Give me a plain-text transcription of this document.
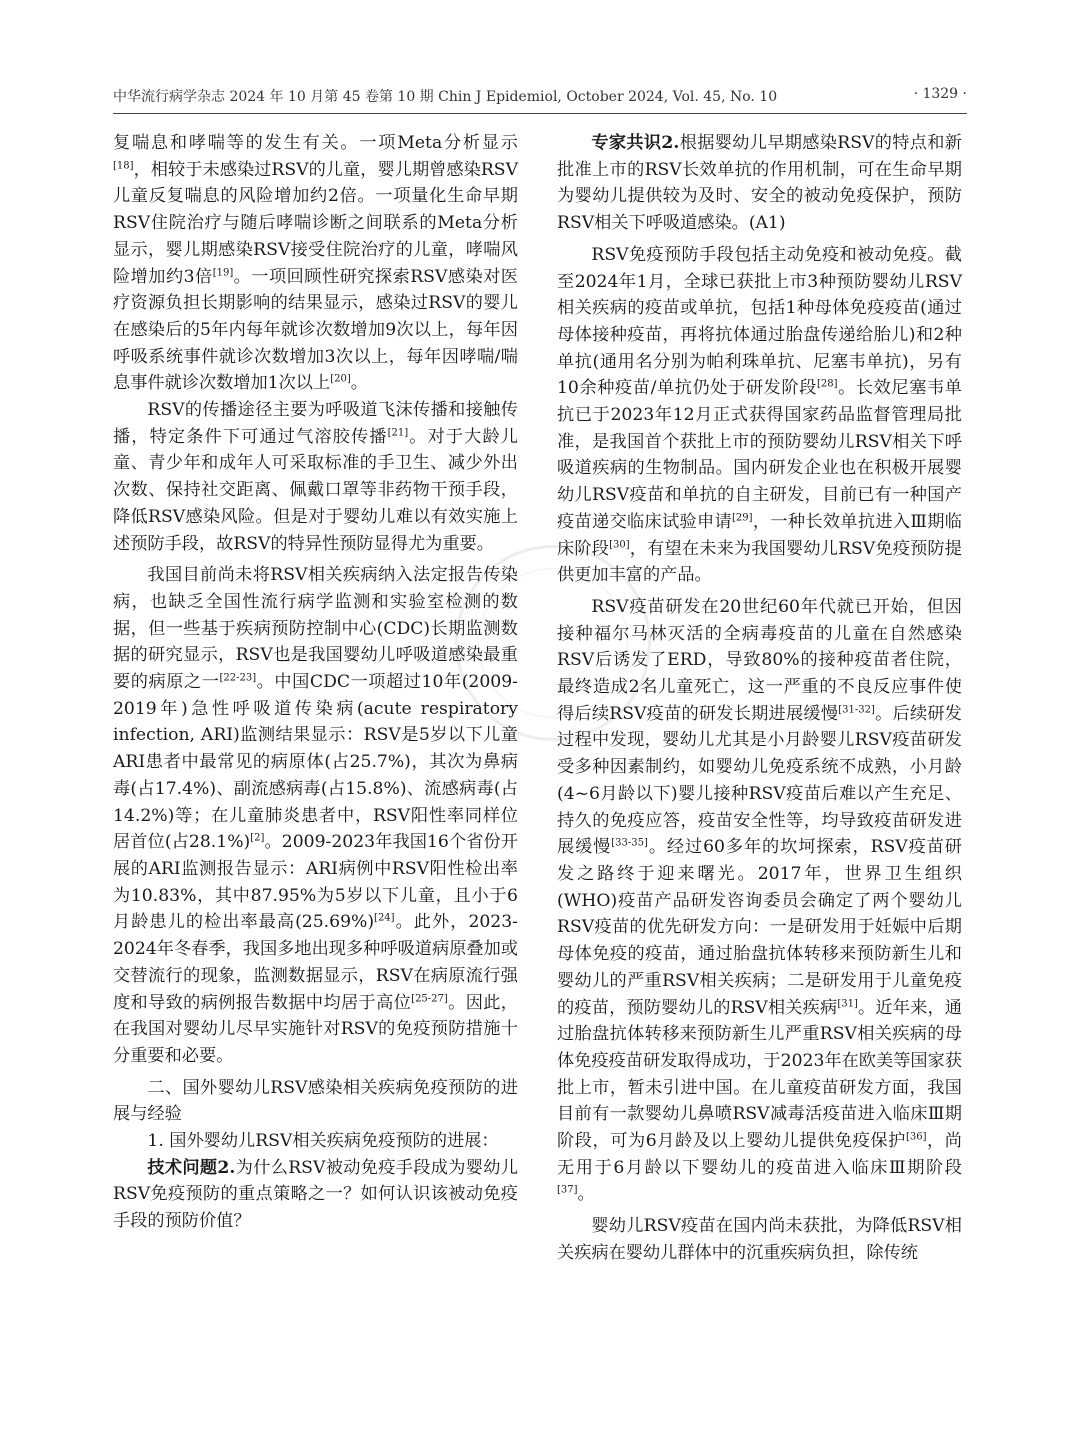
中华流行病学杂志 2024 年 10 月第 45 卷第 10 期 Chin J Epidemiol, October 2024, Vol. 45, No. 10	· 1329 ·

复喘息和哮喘等的发生有关。一项Meta分析显示[18]，相较于未感染过RSV的儿童，婴儿期曾感染RSV儿童反复喘息的风险增加约2倍。一项量化生命早期RSV住院治疗与随后哮喘诊断之间联系的Meta分析显示，婴儿期感染RSV接受住院治疗的儿童，哮喘风险增加约3倍[19]。一项回顾性研究探索RSV感染对医疗资源负担长期影响的结果显示，感染过RSV的婴儿在感染后的5年内每年就诊次数增加9次以上，每年因呼吸系统事件就诊次数增加3次以上，每年因哮喘/喘息事件就诊次数增加1次以上[20]。

RSV的传播途径主要为呼吸道飞沫传播和接触传播，特定条件下可通过气溶胶传播[21]。对于大龄儿童、青少年和成年人可采取标准的手卫生、减少外出次数、保持社交距离、佩戴口罩等非药物干预手段，降低RSV感染风险。但是对于婴幼儿难以有效实施上述预防手段，故RSV的特异性预防显得尤为重要。

我国目前尚未将RSV相关疾病纳入法定报告传染病，也缺乏全国性流行病学监测和实验室检测的数据，但一些基于疾病预防控制中心(CDC)长期监测数据的研究显示，RSV也是我国婴幼儿呼吸道感染最重要的病原之一[22-23]。中国CDC一项超过10年(2009-2019年)急性呼吸道传染病(acute respiratory infection, ARI)监测结果显示：RSV是5岁以下儿童ARI患者中最常见的病原体(占25.7%)，其次为鼻病毒(占17.4%)、副流感病毒(占15.8%)、流感病毒(占14.2%)等；在儿童肺炎患者中，RSV阳性率同样位居首位(占28.1%)[2]。2009-2023年我国16个省份开展的ARI监测报告显示：ARI病例中RSV阳性检出率为10.83%，其中87.95%为5岁以下儿童，且小于6月龄患儿的检出率最高(25.69%)[24]。此外，2023-2024年冬春季，我国多地出现多种呼吸道病原叠加或交替流行的现象，监测数据显示，RSV在病原流行强度和导致的病例报告数据中均居于高位[25-27]。因此，在我国对婴幼儿尽早实施针对RSV的免疫预防措施十分重要和必要。

二、国外婴幼儿RSV感染相关疾病免疫预防的进展与经验

1. 国外婴幼儿RSV相关疾病免疫预防的进展：

技术问题2.为什么RSV被动免疫手段成为婴幼儿RSV免疫预防的重点策略之一？如何认识该被动免疫手段的预防价值？

专家共识2.根据婴幼儿早期感染RSV的特点和新批准上市的RSV长效单抗的作用机制，可在生命早期为婴幼儿提供较为及时、安全的被动免疫保护，预防RSV相关下呼吸道感染。(A1)

RSV免疫预防手段包括主动免疫和被动免疫。截至2024年1月，全球已获批上市3种预防婴幼儿RSV相关疾病的疫苗或单抗，包括1种母体免疫疫苗(通过母体接种疫苗，再将抗体通过胎盘传递给胎儿)和2种单抗(通用名分别为帕利珠单抗、尼塞韦单抗)，另有10余种疫苗/单抗仍处于研发阶段[28]。长效尼塞韦单抗已于2023年12月正式获得国家药品监督管理局批准，是我国首个获批上市的预防婴幼儿RSV相关下呼吸道疾病的生物制品。国内研发企业也在积极开展婴幼儿RSV疫苗和单抗的自主研发，目前已有一种国产疫苗递交临床试验申请[29]，一种长效单抗进入Ⅲ期临床阶段[30]，有望在未来为我国婴幼儿RSV免疫预防提供更加丰富的产品。

RSV疫苗研发在20世纪60年代就已开始，但因接种福尔马林灭活的全病毒疫苗的儿童在自然感染RSV后诱发了ERD，导致80%的接种疫苗者住院，最终造成2名儿童死亡，这一严重的不良反应事件使得后续RSV疫苗的研发长期进展缓慢[31-32]。后续研发过程中发现，婴幼儿尤其是小月龄婴儿RSV疫苗研发受多种因素制约，如婴幼儿免疫系统不成熟，小月龄(4~6月龄以下)婴儿接种RSV疫苗后难以产生充足、持久的免疫应答，疫苗安全性等，均导致疫苗研发进展缓慢[33-35]。经过60多年的坎坷探索，RSV疫苗研发之路终于迎来曙光。2017年，世界卫生组织(WHO)疫苗产品研发咨询委员会确定了两个婴幼儿RSV疫苗的优先研发方向：一是研发用于妊娠中后期母体免疫的疫苗，通过胎盘抗体转移来预防新生儿和婴幼儿的严重RSV相关疾病；二是研发用于儿童免疫的疫苗，预防婴幼儿的RSV相关疾病[31]。近年来，通过胎盘抗体转移来预防新生儿严重RSV相关疾病的母体免疫疫苗研发取得成功，于2023年在欧美等国家获批上市，暂未引进中国。在儿童疫苗研发方面，我国目前有一款婴幼儿鼻喷RSV减毒活疫苗进入临床Ⅲ期阶段，可为6月龄及以上婴幼儿提供免疫保护[36]，尚无用于6月龄以下婴幼儿的疫苗进入临床Ⅲ期阶段[37]。

婴幼儿RSV疫苗在国内尚未获批，为降低RSV相关疾病在婴幼儿群体中的沉重疾病负担，除传统
